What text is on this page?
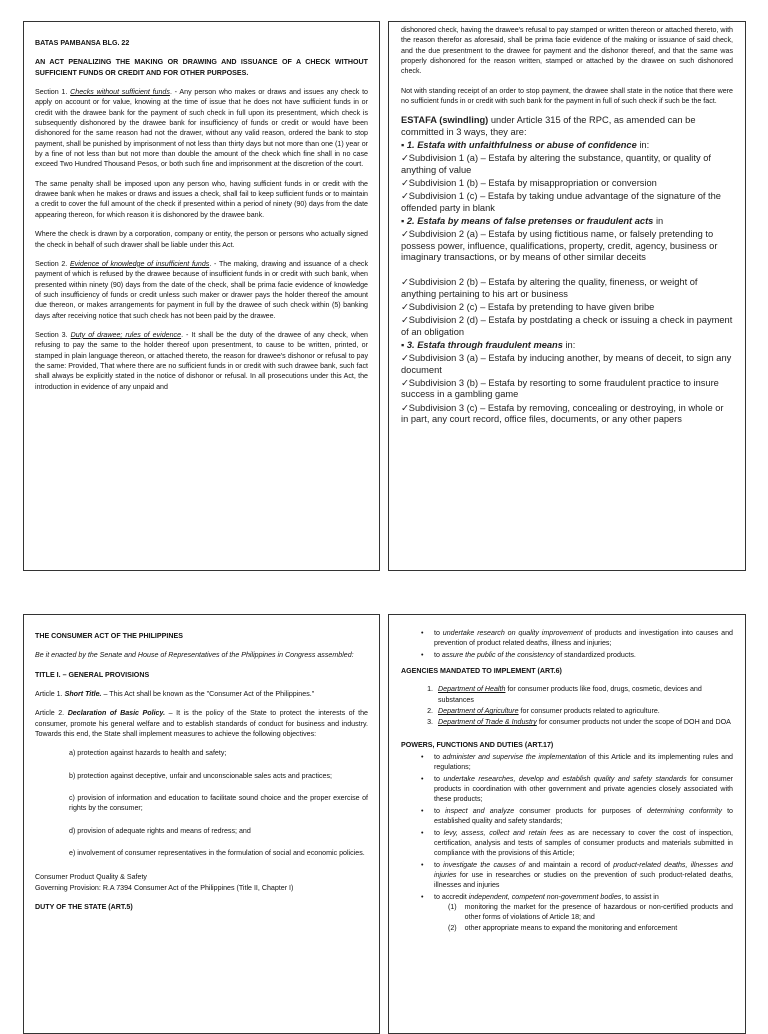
BATAS PAMBANSA BLG. 22

AN ACT PENALIZING THE MAKING OR DRAWING AND ISSUANCE OF A CHECK WITHOUT SUFFICIENT FUNDS OR CREDIT AND FOR OTHER PURPOSES.

Section 1. Checks without sufficient funds. - Any person who makes or draws and issues any check to apply on account or for value, knowing at the time of issue that he does not have sufficient funds in or credit with the drawee bank for the payment of such check in full upon its presentment, which check is subsequently dishonored by the drawee bank for insufficiency of funds or credit or would have been dishonored for the same reason had not the drawer, without any valid reason, ordered the bank to stop payment, shall be punished by imprisonment of not less than thirty days but not more than one (1) year or by a fine of not less than but not more than double the amount of the check which fine shall in no case exceed Two Hundred Thousand Pesos, or both such fine and imprisonment at the discretion of the court.

The same penalty shall be imposed upon any person who, having sufficient funds in or credit with the drawee bank when he makes or draws and issues a check, shall fail to keep sufficient funds or to maintain a credit to cover the full amount of the check if presented within a period of ninety (90) days from the date appearing thereon, for which reason it is dishonored by the drawee bank.

Where the check is drawn by a corporation, company or entity, the person or persons who actually signed the check in behalf of such drawer shall be liable under this Act.

Section 2. Evidence of knowledge of insufficient funds. - The making, drawing and issuance of a check payment of which is refused by the drawee because of insufficient funds in or credit with such bank, when presented within ninety (90) days from the date of the check, shall be prima facie evidence of knowledge of such insufficiency of funds or credit unless such maker or drawer pays the holder thereof the amount due thereon, or makes arrangements for payment in full by the drawee of such check within (5) banking days after receiving notice that such check has not been paid by the drawee.

Section 3. Duty of drawee; rules of evidence. - It shall be the duty of the drawee of any check, when refusing to pay the same to the holder thereof upon presentment, to cause to be written, printed, or stamped in plain language thereon, or attached thereto, the reason for drawee's dishonor or refusal to pay the same: Provided, That where there are no sufficient funds in or credit with such drawee bank, such fact shall always be explicitly stated in the notice of dishonor or refusal. In all prosecutions under this Act, the introduction in evidence of any unpaid and

dishonored check, having the drawee's refusal to pay stamped or written thereon or attached thereto, with the reason therefor as aforesaid, shall be prima facie evidence of the making or issuance of said check, and the due presentment to the drawee for payment and the dishonor thereof, and that the same was properly dishonored for the reason written, stamped or attached by the drawee on such dishonored check.

Not with standing receipt of an order to stop payment, the drawee shall state in the notice that there were no sufficient funds in or credit with such bank for the payment in full of such check if such be the fact.

ESTAFA (swindling) under Article 315 of the RPC, as amended can be committed in 3 ways, they are:
▪ 1. Estafa with unfaithfulness or abuse of confidence in:
✓Subdivision 1 (a) – Estafa by altering the substance, quantity, or quality of anything of value
✓Subdivision 1 (b) – Estafa by misappropriation or conversion
✓Subdivision 1 (c) – Estafa by taking undue advantage of the signature of the offended party in blank
▪ 2. Estafa by means of false pretenses or fraudulent acts in
✓Subdivision 2 (a) – Estafa by using fictitious name, or falsely pretending to possess power, influence, qualifications, property, credit, agency, business or imaginary transactions, or by means of other similar deceits
✓Subdivision 2 (b) – Estafa by altering the quality, fineness, or weight of anything pertaining to his art or business
✓Subdivision 2 (c) – Estafa by pretending to have given bribe
✓Subdivision 2 (d) – Estafa by postdating a check or issuing a check in payment of an obligation
▪ 3. Estafa through fraudulent means in:
✓Subdivision 3 (a) – Estafa by inducing another, by means of deceit, to sign any document
✓Subdivision 3 (b) – Estafa by resorting to some fraudulent practice to insure success in a gambling game
✓Subdivision 3 (c) – Estafa by removing, concealing or destroying, in whole or in part, any court record, office files, documents, or any other papers
THE CONSUMER ACT OF THE PHILIPPINES

Be it enacted by the Senate and House of Representatives of the Philippines in Congress assembled:

TITLE I. – GENERAL PROVISIONS

Article 1. Short Title. – This Act shall be known as the "Consumer Act of the Philippines."

Article 2. Declaration of Basic Policy. – It is the policy of the State to protect the interests of the consumer, promote his general welfare and to establish standards of conduct for business and industry. Towards this end, the State shall implement measures to achieve the following objectives:

a) protection against hazards to health and safety;

b) protection against deceptive, unfair and unconscionable sales acts and practices;

c) provision of information and education to facilitate sound choice and the proper exercise of rights by the consumer;

d) provision of adequate rights and means of redress; and

e) involvement of consumer representatives in the formulation of social and economic policies.

Consumer Product Quality & Safety
Governing Provision: R.A 7394 Consumer Act of the Philippines (Title II, Chapter I)
DUTY OF THE STATE (ART.5)
• to undertake research on quality improvement of products and investigation into causes and prevention of product related deaths, illness and injuries;
• to assure the public of the consistency of standardized products.
AGENCIES MANDATED TO IMPLEMENT (ART.6)
1. Department of Health for consumer products like food, drugs, cosmetic, devices and substances
2. Department of Agriculture for consumer products related to agriculture.
3. Department of Trade & Industry for consumer products not under the scope of DOH and DOA
POWERS, FUNCTIONS AND DUTIES (ART.17)
• to administer and supervise the implementation of this Article and its implementing rules and regulations;
• to undertake researches, develop and establish quality and safety standards for consumer products in coordination with other government and private agencies closely associated with these products;
• to inspect and analyze consumer products for purposes of determining conformity to established quality and safety standards;
• to levy, assess, collect and retain fees as are necessary to cover the cost of inspection, certification, analysis and tests of samples of consumer products and materials submitted in compliance with the provisions of this Article;
• to investigate the causes of and maintain a record of product-related deaths, illnesses and injuries for use in researches or studies on the prevention of such product-related deaths, illnesses and injuries
• to accredit independent, competent non-government bodies, to assist in
(1) monitoring the market for the presence of hazardous or non-certified products and other forms of violations of Article 18; and
(2) other appropriate means to expand the monitoring and enforcement
